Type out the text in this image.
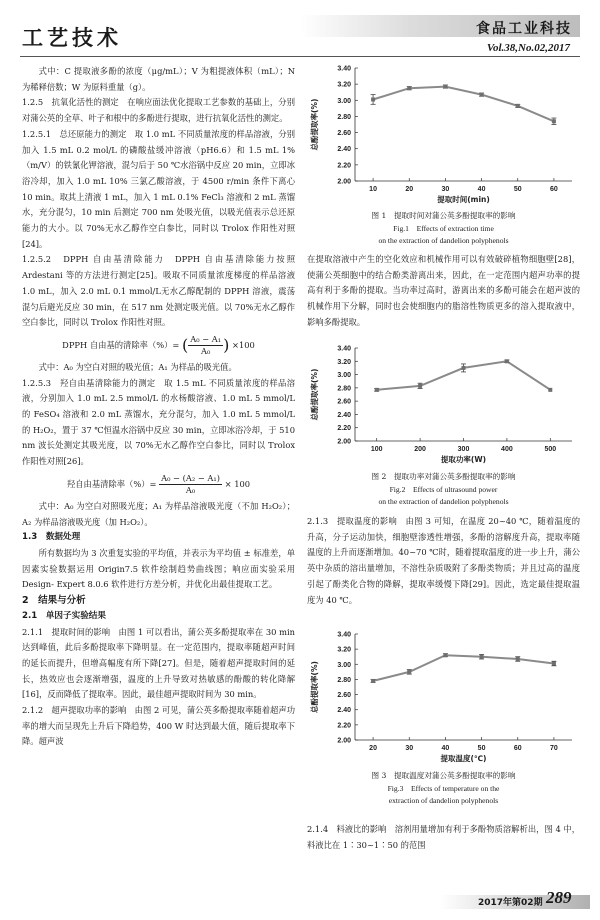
工艺技术	食品工业科技
Vol.38,No.02,2017

式中：C 提取液多酚的浓度（μg/mL）；V 为粗提液体积（mL）；N 为稀释倍数；W 为原料重量（g）。

1.2.5　抗氧化活性的测定　在响应面法优化提取工艺参数的基础上，分别对蒲公英的全草、叶子和根中的多酚进行提取，进行抗氧化活性的测定。

1.2.5.1　总还原能力的测定　取 1.0 mL 不同质量浓度的样品溶液，分别加入 1.5 mL 0.2 mol/L 的磷酸盐缓冲溶液（pH6.6）和 1.5 mL 1%（m/V）的铁氰化钾溶液，混匀后于 50 ℃水浴锅中反应 20 min，立即冰浴冷却，加入 1.0 mL 10% 三氯乙酸溶液，于 4500 r/min 条件下离心 10 min。取其上清液 1 mL，加入 1 mL 0.1% FeCl₃ 溶液和 2 mL 蒸馏水，充分混匀，10 min 后测定 700 nm 处吸光值，以吸光值表示总还原能力的大小。以 70%无水乙醇作空白参比，同时以 Trolox 作阳性对照[24]。

1.2.5.2　DPPH 自由基清除能力　DPPH 自由基清除能力按照 Ardestani 等的方法进行测定[25]。吸取不同质量浓度梯度的样品溶液 1.0 mL，加入 2.0 mL 0.1 mmol/L无水乙醇配制的 DPPH 溶液，震荡混匀后避光反应 30 min，在 517 nm 处测定吸光值。以 70%无水乙醇作空白参比，同时以 Trolox 作阳性对照。

DPPH 自由基的清除率（%）= ( $\frac{\text{A₀ − A₁}}{\text{A₀}}$ ) ×100

式中：A₀ 为空白对照的吸光值；A₁ 为样品的吸光值。

1.2.5.3　羟自由基清除能力的测定　取 1.5 mL 不同质量浓度的样品溶液，分别加入 1.0 mL 2.5 mmol/L 的水杨酸溶液、1.0 mL 5 mmol/L 的 FeSO₄ 溶液和 2.0 mL 蒸馏水，充分混匀，加入 1.0 mL 5 mmol/L 的 H₂O₂，置于 37 ℃恒温水浴锅中反应 30 min，立即冰浴冷却，于 510 nm 波长处测定其吸光度，以 70%无水乙醇作空白参比，同时以 Trolox 作阳性对照[26]。

羟自由基清除率（%）= $\frac{\text{A₀ − (A₂ − A₁)}}{\text{A₀}} \times 100$

式中：A₀ 为空白对照吸光度；A₁ 为样品溶液吸光度（不加 H₂O₂）；A₂ 为样品溶液吸光度（加 H₂O₂）。

1.3　数据处理

所有数据均为 3 次重复实验的平均值，并表示为平均值 ± 标准差，单因素实验数据运用 Origin7.5 软件绘制趋势曲线图；响应面实验采用 Design- Expert 8.0.6 软件进行方差分析，并优化出最佳提取工艺。

2　结果与分析

2.1　单因子实验结果

2.1.1　提取时间的影响　由图 1 可以看出，蒲公英多酚提取率在 30 min 达到峰值，此后多酚提取率下降明显。在一定范围内，提取率随超声时间的延长而提升，但增高幅度有所下降[27]。但是，随着超声提取时间的延长，热效应也会逐渐增强，温度的上升导致对热敏感的酚酸的转化降解[16]，反而降低了提取率。因此，最佳超声提取时间为 30 min。

2.1.2　超声提取功率的影响　由图 2 可见，蒲公英多酚提取率随着超声功率的增大而呈现先上升后下降趋势，400 W 时达到最大值，随后提取率下降。超声波

2.00
2.20
2.40
2.60
2.80
3.00
3.20
3.40
10	20	30	40	50	60
提取时间(min)
总酚提取率(%)
图 1　提取时间对蒲公英多酚提取率的影响
Fig.1　Effects of extraction time
on the extraction of dandelion polyphenols

在提取溶液中产生的空化效应和机械作用可以有效破碎植物细胞壁[28]，使蒲公英细胞中的结合酚类游离出来，因此，在一定范围内超声功率的提高有利于多酚的提取。当功率过高时，游离出来的多酚可能会在超声波的机械作用下分解，同时也会使细胞内的脂溶性物质更多的溶入提取液中，影响多酚提取。

2.00
2.20
2.40
2.60
2.80
3.00
3.20
3.40
100	200	300	400	500
提取功率(W)
总酚提取率(%)
图 2　提取功率对蒲公英多酚提取率的影响
Fig.2　Effects of ultrasound power
on the extraction of dandelion polyphenols

2.1.3　提取温度的影响　由图 3 可知，在温度 20~40 ℃，随着温度的升高，分子运动加快，细胞壁渗透性增强，多酚的溶解度升高，提取率随温度的上升而逐渐增加。40~70 ℃时，随着提取温度的进一步上升，蒲公英中杂质的溶出量增加，不溶性杂质吸附了多酚类物质；并且过高的温度引起了酚类化合物的降解，提取率缓慢下降[29]。因此，选定最佳提取温度为 40 ℃。

2.00
2.20
2.40
2.60
2.80
3.00
3.20
3.40
20	30	40	50	60	70
提取温度(℃)
总酚提取率(%)
图 3　提取温度对蒲公英多酚提取率的影响
Fig.3　Effects of temperature on the
extraction of dandelion polyphenols

2.1.4　料液比的影响　溶剂用量增加有利于多酚物质溶解析出，图 4 中，料液比在 1∶30~1∶50 的范围

2017年第02期 289
